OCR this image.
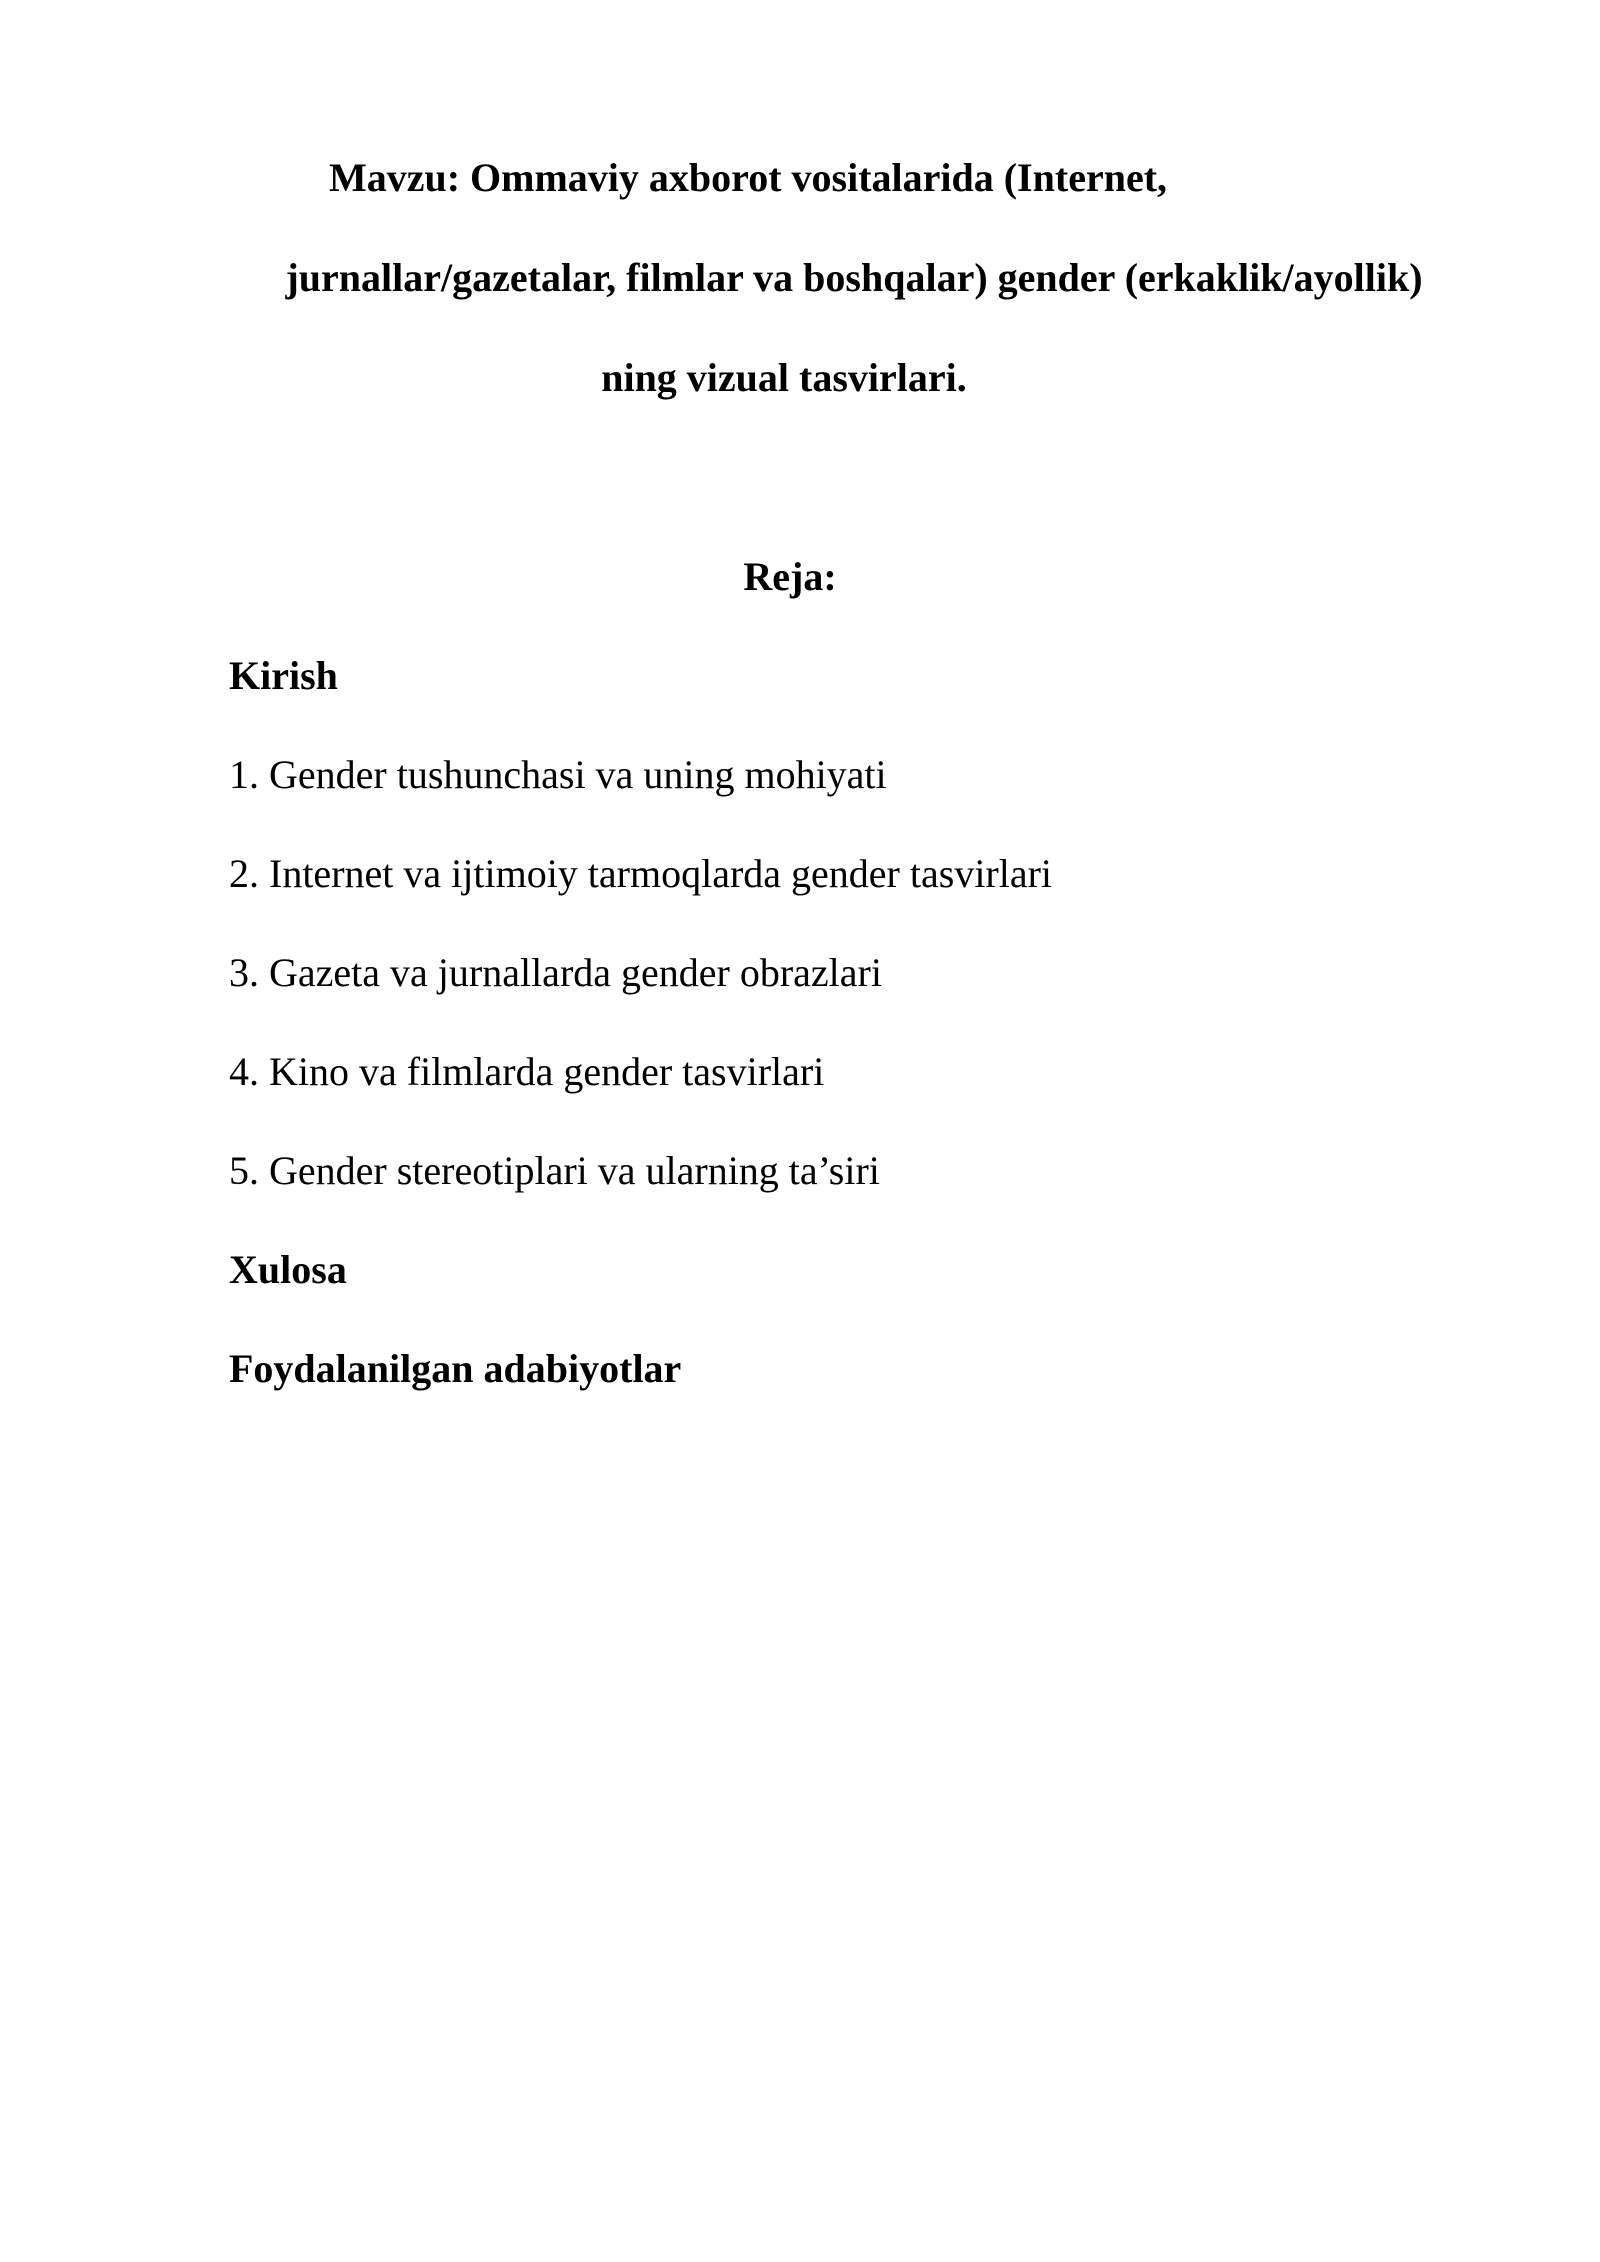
Mavzu: Ommaviy axborot vositalarida (Internet,
jurnallar/gazetalar, filmlar va boshqalar) gender (erkaklik/ayollik)
ning vizual tasvirlari.
Reja:
Kirish
1. Gender tushunchasi va uning mohiyati
2. Internet va ijtimoiy tarmoqlarda gender tasvirlari
3. Gazeta va jurnallarda gender obrazlari
4. Kino va filmlarda gender tasvirlari
5. Gender stereotiplari va ularning ta’siri
Xulosa
Foydalanilgan adabiyotlar
